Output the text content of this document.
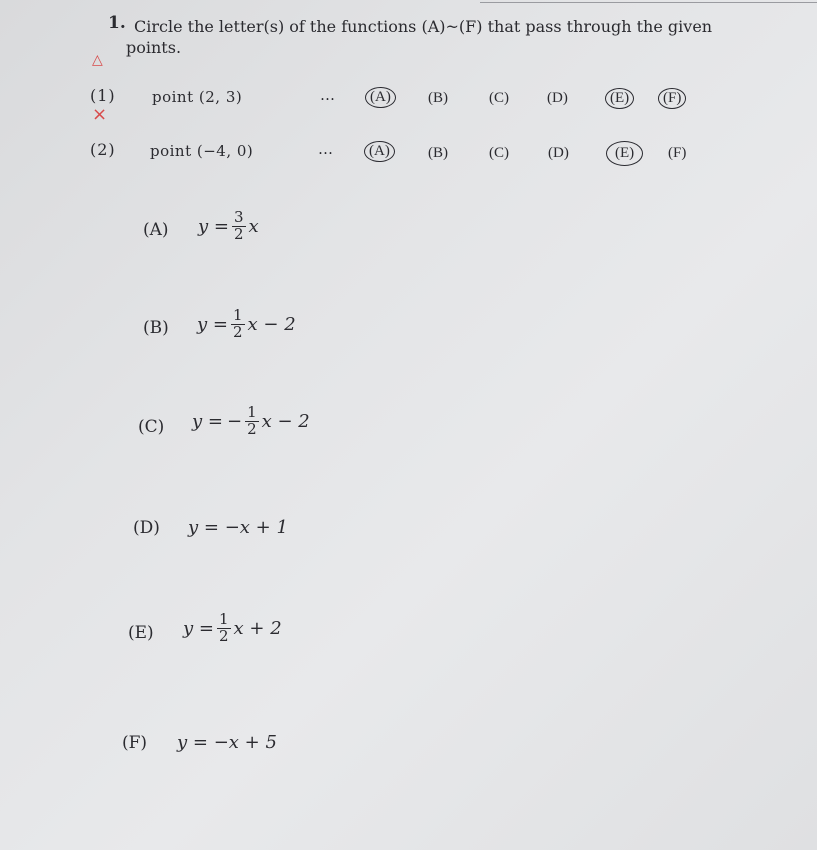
1. Circle the letter(s) of the functions (A)~(F) that pass through the given
points.
△
×
(1) point (2, 3)	…	(A)	(B)	(C)	(D)	(E)	(F)
(2) point (−4, 0)	…	(A)	(B)	(C)	(D)	(E)	(F)
(A) $y = \frac{3}{2}$ x
(B) $y = \frac{1}{2}$ x − 2
(C) y = − $\frac{1}{2}$ x − 2
(D) y =
−x + 1
(E) $y = \frac{1}{2}$ x + 2
(F) y =
−x + 5
